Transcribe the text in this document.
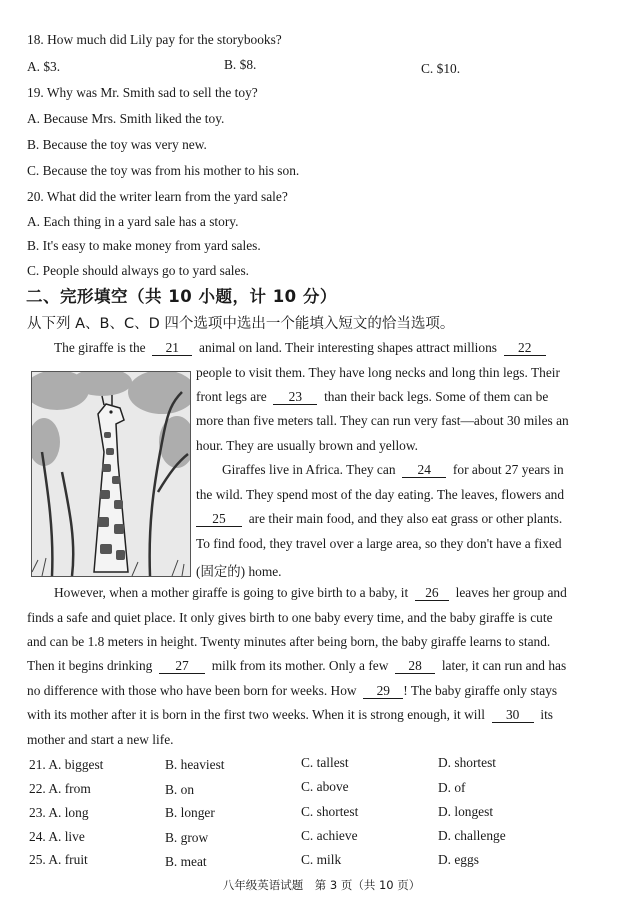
18. How much did Lily pay for the storybooks?
A. $3.	B. $8.	C. $10.
19. Why was Mr. Smith sad to sell the toy?
A. Because Mrs. Smith liked the toy.
B. Because the toy was very new.
C. Because the toy was from his mother to his son.
20. What did the writer learn from the yard sale?
A. Each thing in a yard sale has a story.
B. It's easy to make money from yard sales.
C. People should always go to yard sales.
二、完形填空（共 10 小题，计 10 分）
从下列 A、B、C、D 四个选项中选出一个能填入短文的恰当选项。
The giraffe is the 21 animal on land. Their interesting shapes attract millions 22
people to visit them. They have long necks and long thin legs. Their
front legs are 23 than their back legs. Some of them can be
more than five meters tall. They can run very fast—about 30 miles an
hour. They are usually brown and yellow.
Giraffes live in Africa. They can 24 for about 27 years in
the wild. They spend most of the day eating. The leaves, flowers and
25 are their main food, and they also eat grass or other plants.
To find food, they travel over a large area, so they don't have a fixed
(固定的) home.
However, when a mother giraffe is going to give birth to a baby, it 26 leaves her group and
finds a safe and quiet place. It only gives birth to one baby every time, and the baby giraffe is cute
and can be 1.8 meters in height. Twenty minutes after being born, the baby giraffe learns to stand.
Then it begins drinking 27 milk from its mother. Only a few 28 later, it can run and has
no difference with those who have been born for weeks. How 29 ! The baby giraffe only stays
with its mother after it is born in the first two weeks. When it is strong enough, it will 30 its
mother and start a new life.
21. A. biggest	B. heaviest	C. tallest	D. shortest
22. A. from	B. on	C. above	D. of
23. A. long	B. longer	C. shortest	D. longest
24. A. live	B. grow	C. achieve	D. challenge
25. A. fruit	B. meat	C. milk	D. eggs
八年级英语试题　第 3 页（共 10 页）
